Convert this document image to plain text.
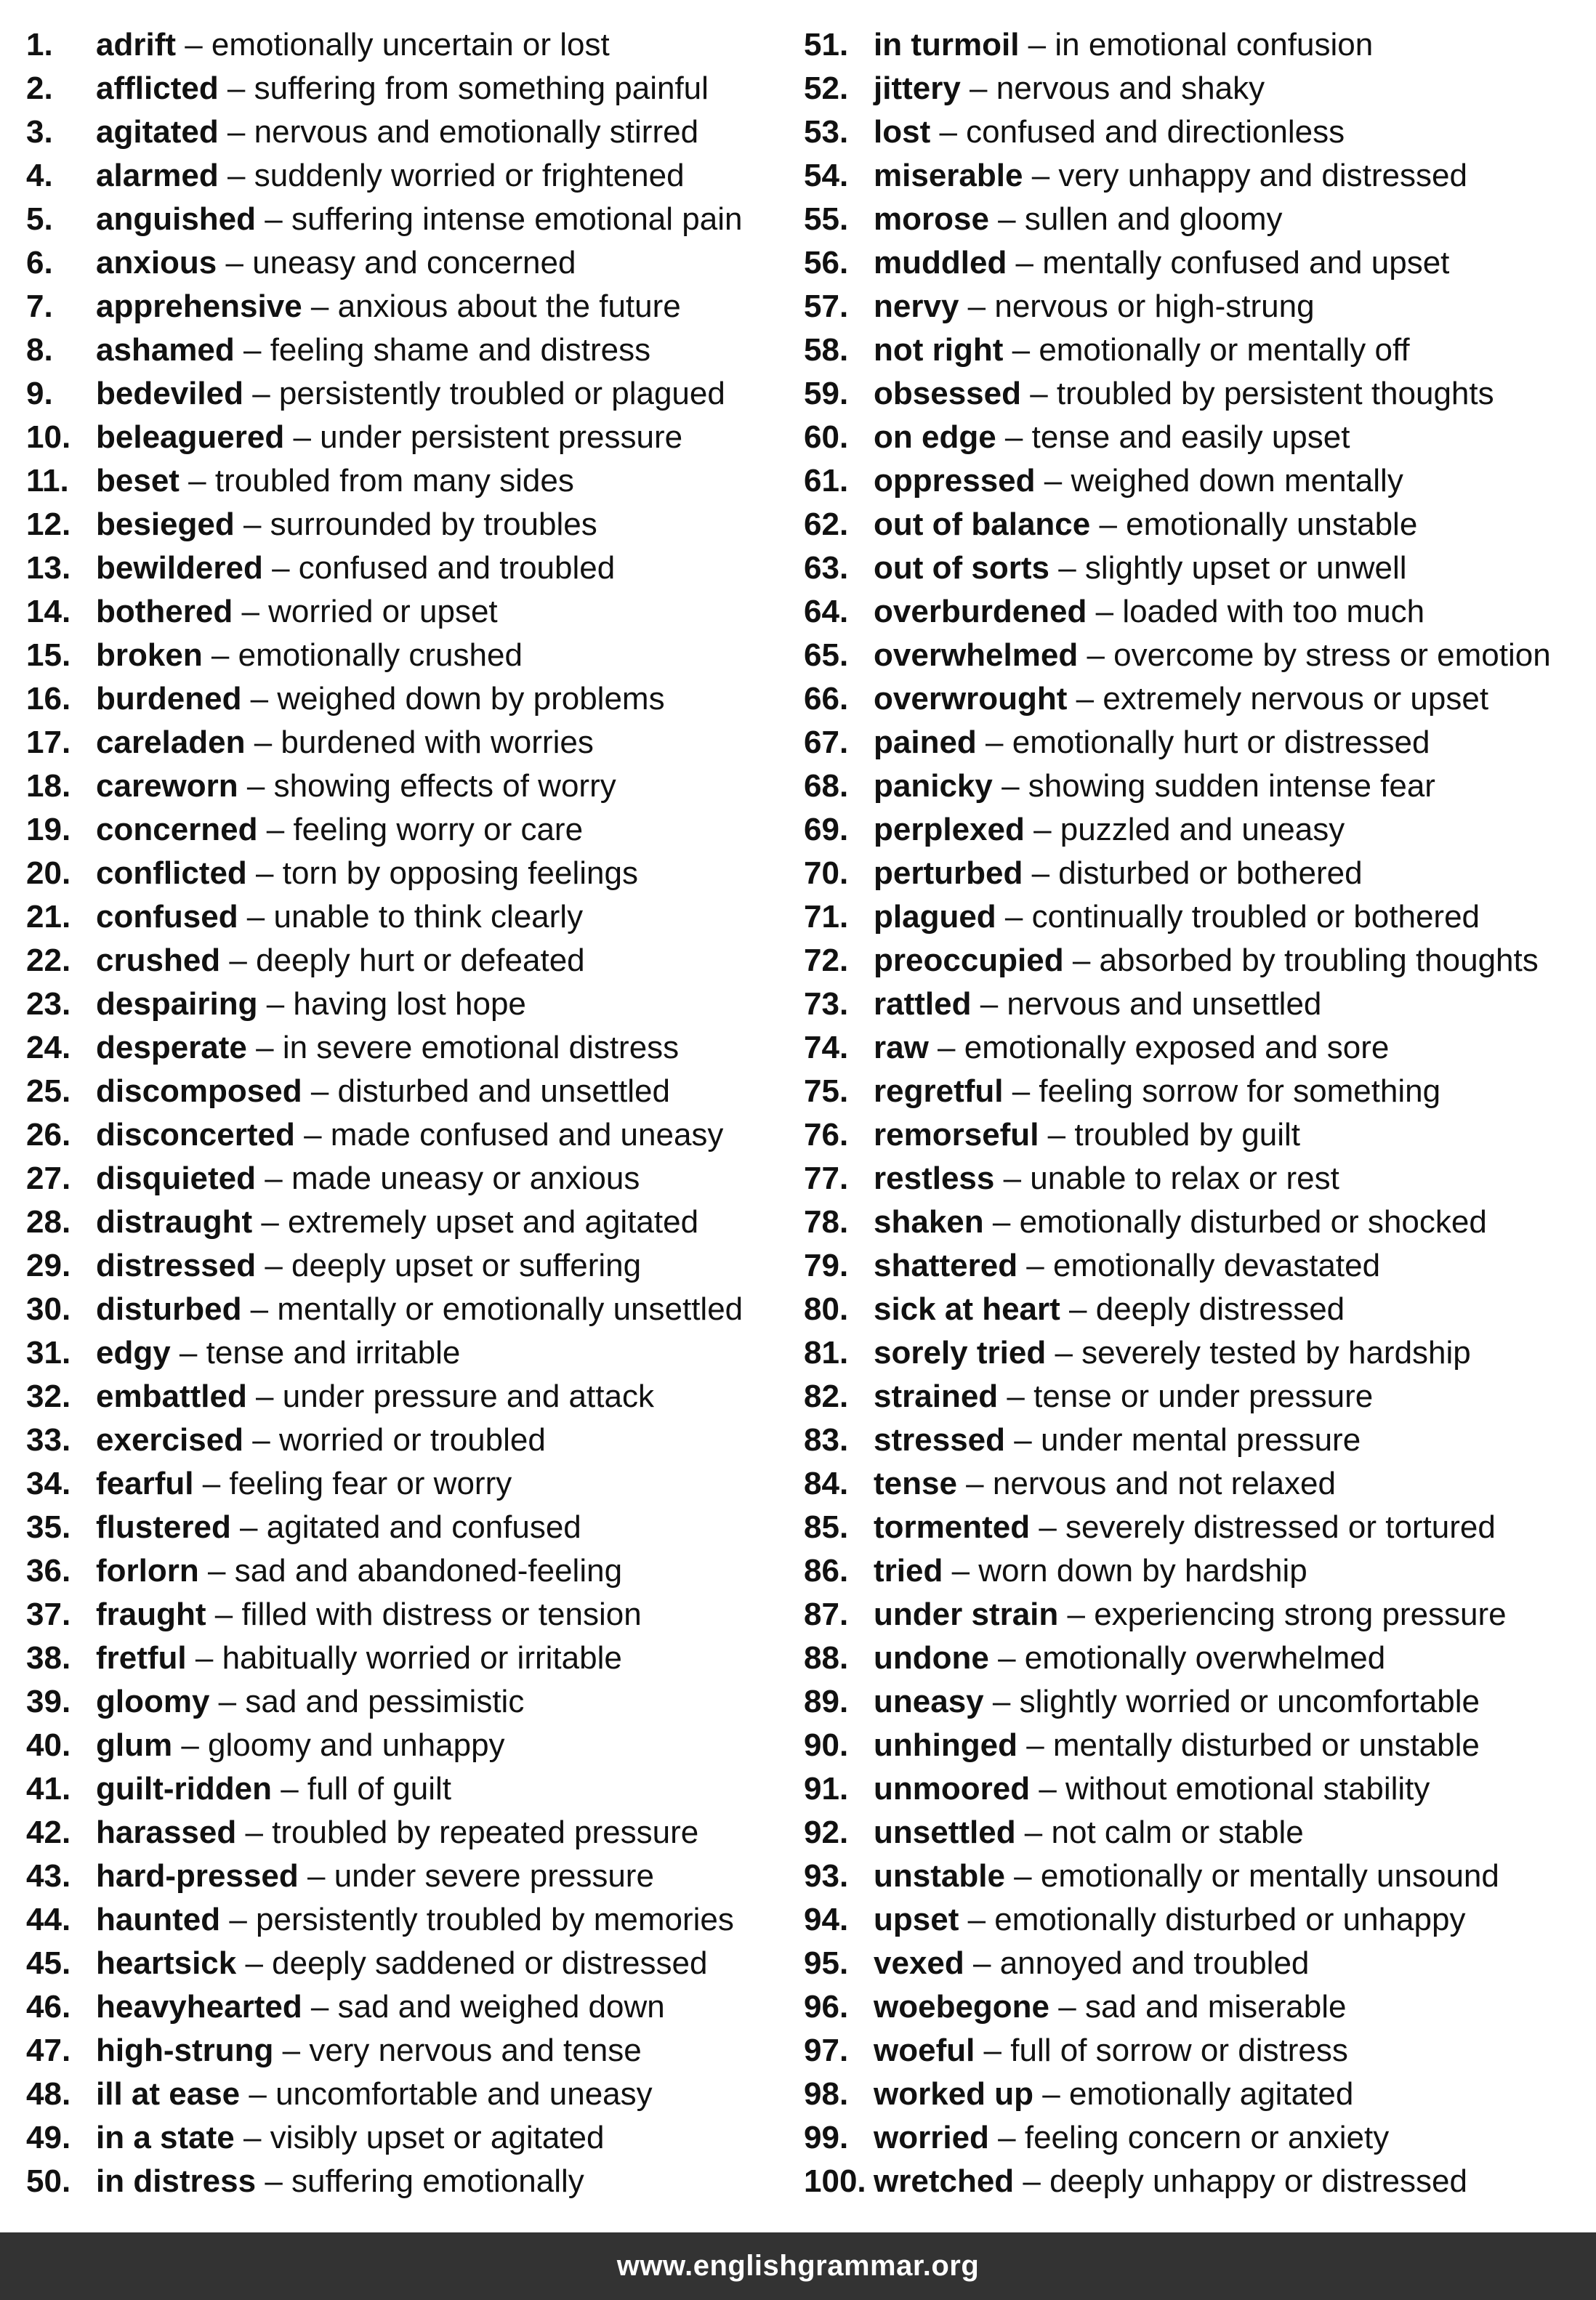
1.	adrift – emotionally uncertain or lost
2.	afflicted – suffering from something painful
3.	agitated – nervous and emotionally stirred
4.	alarmed – suddenly worried or frightened
5.	anguished – suffering intense emotional pain
6.	anxious – uneasy and concerned
7.	apprehensive – anxious about the future
8.	ashamed – feeling shame and distress
9.	bedeviled – persistently troubled or plagued
10. beleaguered – under persistent pressure
11. beset – troubled from many sides
12. besieged – surrounded by troubles
13. bewildered – confused and troubled
14. bothered – worried or upset
15. broken – emotionally crushed
16. burdened – weighed down by problems
17. careladen – burdened with worries
18. careworn – showing effects of worry
19. concerned – feeling worry or care
20. conflicted – torn by opposing feelings
21. confused – unable to think clearly
22. crushed – deeply hurt or defeated
23. despairing – having lost hope
24. desperate – in severe emotional distress
25. discomposed – disturbed and unsettled
26. disconcerted – made confused and uneasy
27. disquieted – made uneasy or anxious
28. distraught – extremely upset and agitated
29. distressed – deeply upset or suffering
30. disturbed – mentally or emotionally unsettled
31. edgy – tense and irritable
32. embattled – under pressure and attack
33. exercised – worried or troubled
34. fearful – feeling fear or worry
35. flustered – agitated and confused
36. forlorn – sad and abandoned-feeling
37. fraught – filled with distress or tension
38. fretful – habitually worried or irritable
39. gloomy – sad and pessimistic
40. glum – gloomy and unhappy
41. guilt-ridden – full of guilt
42. harassed – troubled by repeated pressure
43. hard-pressed – under severe pressure
44. haunted – persistently troubled by memories
45. heartsick – deeply saddened or distressed
46. heavyhearted – sad and weighed down
47. high-strung – very nervous and tense
48. ill at ease – uncomfortable and uneasy
49. in a state – visibly upset or agitated
50. in distress – suffering emotionally
51. in turmoil – in emotional confusion
52. jittery – nervous and shaky
53. lost – confused and directionless
54. miserable – very unhappy and distressed
55. morose – sullen and gloomy
56. muddled – mentally confused and upset
57. nervy – nervous or high-strung
58. not right – emotionally or mentally off
59. obsessed – troubled by persistent thoughts
60. on edge – tense and easily upset
61. oppressed – weighed down mentally
62. out of balance – emotionally unstable
63. out of sorts – slightly upset or unwell
64. overburdened – loaded with too much
65. overwhelmed – overcome by stress or emotion
66. overwrought – extremely nervous or upset
67. pained – emotionally hurt or distressed
68. panicky – showing sudden intense fear
69. perplexed – puzzled and uneasy
70. perturbed – disturbed or bothered
71. plagued – continually troubled or bothered
72. preoccupied – absorbed by troubling thoughts
73. rattled – nervous and unsettled
74. raw – emotionally exposed and sore
75. regretful – feeling sorrow for something
76. remorseful – troubled by guilt
77. restless – unable to relax or rest
78. shaken – emotionally disturbed or shocked
79. shattered – emotionally devastated
80. sick at heart – deeply distressed
81. sorely tried – severely tested by hardship
82. strained – tense or under pressure
83. stressed – under mental pressure
84. tense – nervous and not relaxed
85. tormented – severely distressed or tortured
86. tried – worn down by hardship
87. under strain – experiencing strong pressure
88. undone – emotionally overwhelmed
89. uneasy – slightly worried or uncomfortable
90. unhinged – mentally disturbed or unstable
91. unmoored – without emotional stability
92. unsettled – not calm or stable
93. unstable – emotionally or mentally unsound
94. upset – emotionally disturbed or unhappy
95. vexed – annoyed and troubled
96. woebegone – sad and miserable
97. woeful – full of sorrow or distress
98. worked up – emotionally agitated
99. worried – feeling concern or anxiety
100. wretched – deeply unhappy or distressed
www.englishgrammar.org
